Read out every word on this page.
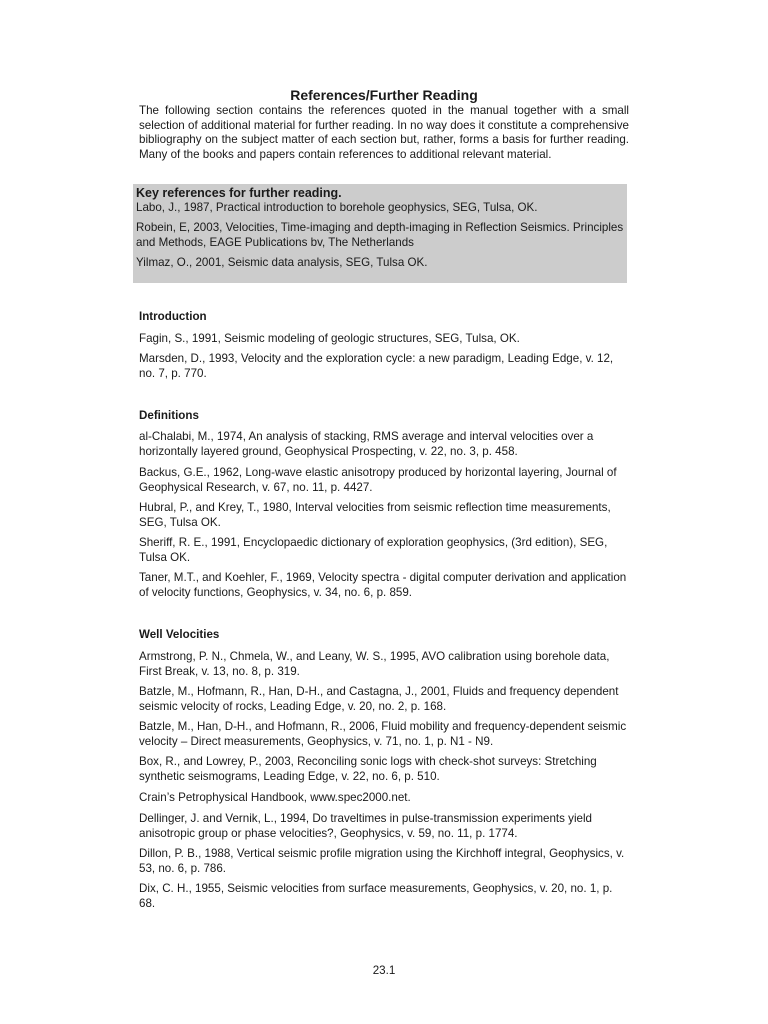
References/Further Reading
The following section contains the references quoted in the manual together with a small selection of additional material for further reading. In no way does it constitute a comprehensive bibliography on the subject matter of each section but, rather, forms a basis for further reading. Many of the books and papers contain references to additional relevant material.
Key references for further reading.
Labo, J., 1987, Practical introduction to borehole geophysics, SEG, Tulsa, OK.
Robein, E, 2003, Velocities, Time-imaging and depth-imaging in Reflection Seismics. Principles and Methods, EAGE Publications bv, The Netherlands
Yilmaz, O., 2001, Seismic data analysis, SEG, Tulsa OK.
Introduction
Fagin, S., 1991, Seismic modeling of geologic structures, SEG, Tulsa, OK.
Marsden, D., 1993, Velocity and the exploration cycle: a new paradigm, Leading Edge, v. 12, no. 7, p. 770.
Definitions
al-Chalabi, M., 1974, An analysis of stacking, RMS average and interval velocities over a horizontally layered ground, Geophysical Prospecting, v. 22, no. 3, p. 458.
Backus, G.E., 1962, Long-wave elastic anisotropy produced by horizontal layering, Journal of Geophysical Research, v. 67, no. 11, p. 4427.
Hubral, P., and Krey, T., 1980, Interval velocities from seismic reflection time measurements, SEG, Tulsa OK.
Sheriff, R. E., 1991, Encyclopaedic dictionary of exploration geophysics, (3rd edition), SEG, Tulsa OK.
Taner, M.T., and Koehler, F., 1969, Velocity spectra - digital computer derivation and application of velocity functions, Geophysics, v. 34, no. 6, p. 859.
Well Velocities
Armstrong, P. N., Chmela, W., and Leany, W. S., 1995, AVO calibration using borehole data, First Break, v. 13, no. 8, p. 319.
Batzle, M., Hofmann, R., Han, D-H., and Castagna, J., 2001, Fluids and frequency dependent seismic velocity of rocks, Leading Edge, v. 20, no. 2, p. 168.
Batzle, M., Han, D-H., and Hofmann, R., 2006, Fluid mobility and frequency-dependent seismic velocity – Direct measurements, Geophysics, v. 71, no. 1, p. N1 - N9.
Box, R., and Lowrey, P., 2003, Reconciling sonic logs with check-shot surveys: Stretching synthetic seismograms, Leading Edge, v. 22, no. 6, p. 510.
Crain’s Petrophysical Handbook, www.spec2000.net.
Dellinger, J. and Vernik, L., 1994, Do traveltimes in pulse-transmission experiments yield anisotropic group or phase velocities?, Geophysics, v. 59, no. 11, p. 1774.
Dillon, P. B., 1988, Vertical seismic profile migration using the Kirchhoff integral, Geophysics, v. 53, no. 6, p. 786.
Dix, C. H., 1955, Seismic velocities from surface measurements, Geophysics, v. 20, no. 1, p. 68.
23.1
